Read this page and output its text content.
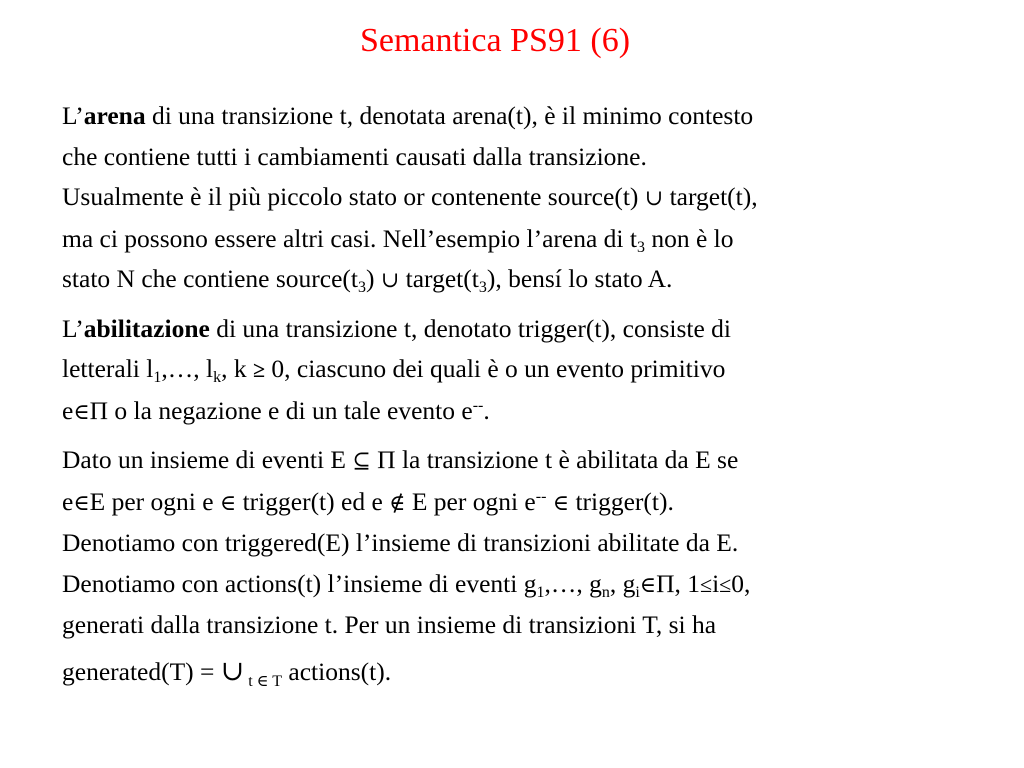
Semantica PS91 (6)
L’arena di una transizione t, denotata arena(t), è il minimo contesto
che contiene tutti i cambiamenti causati dalla transizione.
Usualmente è il più piccolo stato or contenente source(t) ∪ target(t),
ma ci possono essere altri casi. Nell’esempio l’arena di $t_3$ non è lo
stato N che contiene $source(t_3)$ ∪ $target(t_3)$, bensí lo stato A.
L’abilitazione di una transizione t, denotato trigger(t), consiste di
letterali $l_1,\dots$, $l_k$, k ≥ 0, ciascuno dei quali è o un evento primitivo
e∈Π o la negazione e di un tale evento e--.
Dato un insieme di eventi E ⊆ Π la transizione t è abilitata da E se
e∈E per ogni e ∈ trigger(t) ed e ∉ E per ogni e-- ∈ trigger(t).
Denotiamo con triggered(E) l’insieme di transizioni abilitate da E.
Denotiamo con actions(t) l’insieme di eventi $g_1,\dots$, $g_n$, $g_i\in\Pi$, 1≤i≤0,
generati dalla transizione t. Per un insieme di transizioni T, si ha
generated(T) = ∪ $_{t \in T}$ actions(t).
